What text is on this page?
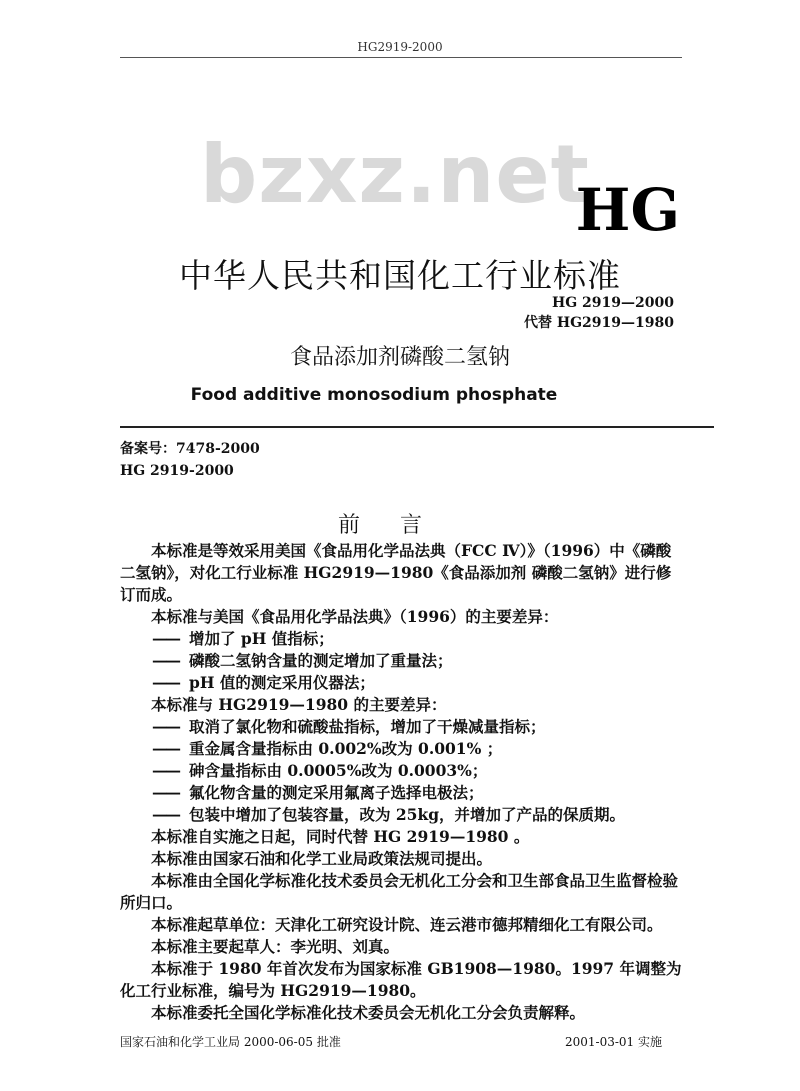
HG2919-2000
bzxz.net
HG
中华人民共和国化工行业标准
HG 2919—2000
代替 HG2919—1980
食品添加剂磷酸二氢钠
Food additive monosodium phosphate
备案号：7478-2000
HG 2919-2000
前言

本标准是等效采用美国《食品用化学品法典（FCC Ⅳ）》（1996）中《磷酸二氢钠》，对化工行业标准 HG2919—1980《食品添加剂 磷酸二氢钠》进行修订而成。

本标准与美国《食品用化学品法典》（1996）的主要差异：

—— 增加了 pH 值指标；

—— 磷酸二氢钠含量的测定增加了重量法；

—— pH 值的测定采用仪器法；

本标准与 HG2919—1980 的主要差异：

—— 取消了氯化物和硫酸盐指标，增加了干燥减量指标；

—— 重金属含量指标由 0.002%改为 0.001% ；

—— 砷含量指标由 0.0005%改为 0.0003%；

—— 氟化物含量的测定采用氟离子选择电极法；

—— 包装中增加了包装容量，改为 25kg，并增加了产品的保质期。

本标准自实施之日起，同时代替 HG 2919—1980 。

本标准由国家石油和化学工业局政策法规司提出。

本标准由全国化学标准化技术委员会无机化工分会和卫生部食品卫生监督检验所归口。

本标准起草单位：天津化工研究设计院、连云港市德邦精细化工有限公司。

本标准主要起草人：李光明、刘真。

本标准于 1980 年首次发布为国家标准 GB1908—1980。1997 年调整为化工行业标准，编号为 HG2919—1980。

本标准委托全国化学标准化技术委员会无机化工分会负责解释。

国家石油和化学工业局 2000-06-05 批准	2001-03-01 实施
